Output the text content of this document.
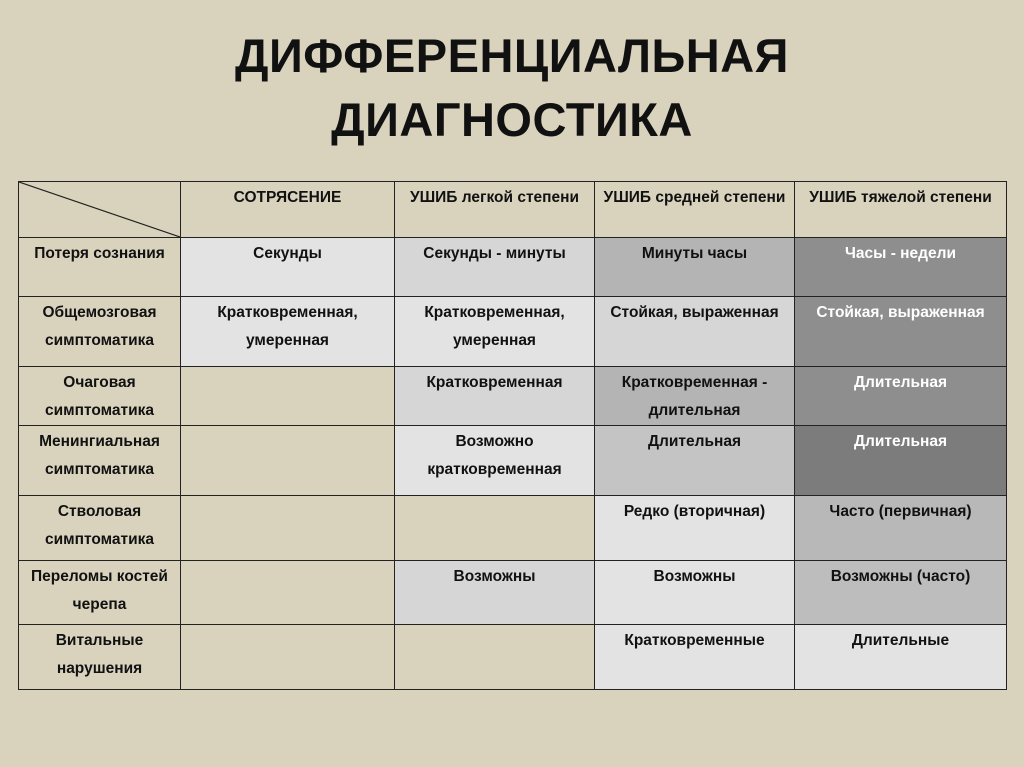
ДИФФЕРЕНЦИАЛЬНАЯ
ДИАГНОСТИКА
	СОТРЯСЕНИЕ	УШИБ легкой степени	УШИБ средней степени	УШИБ тяжелой степени
Потеря сознания	Секунды	Секунды - минуты	Минуты часы	Часы - недели
Общемозговая симптоматика	Кратковременная, умеренная	Кратковременная, умеренная	Стойкая, выраженная	Стойкая, выраженная
Очаговая симптоматика		Кратковременная	Кратковременная - длительная	Длительная
Менингиальная симптоматика		Возможно кратковременная	Длительная	Длительная
Стволовая симптоматика			Редко (вторичная)	Часто (первичная)
Переломы костей черепа		Возможны	Возможны	Возможны (часто)
Витальные нарушения			Кратковременные	Длительные
